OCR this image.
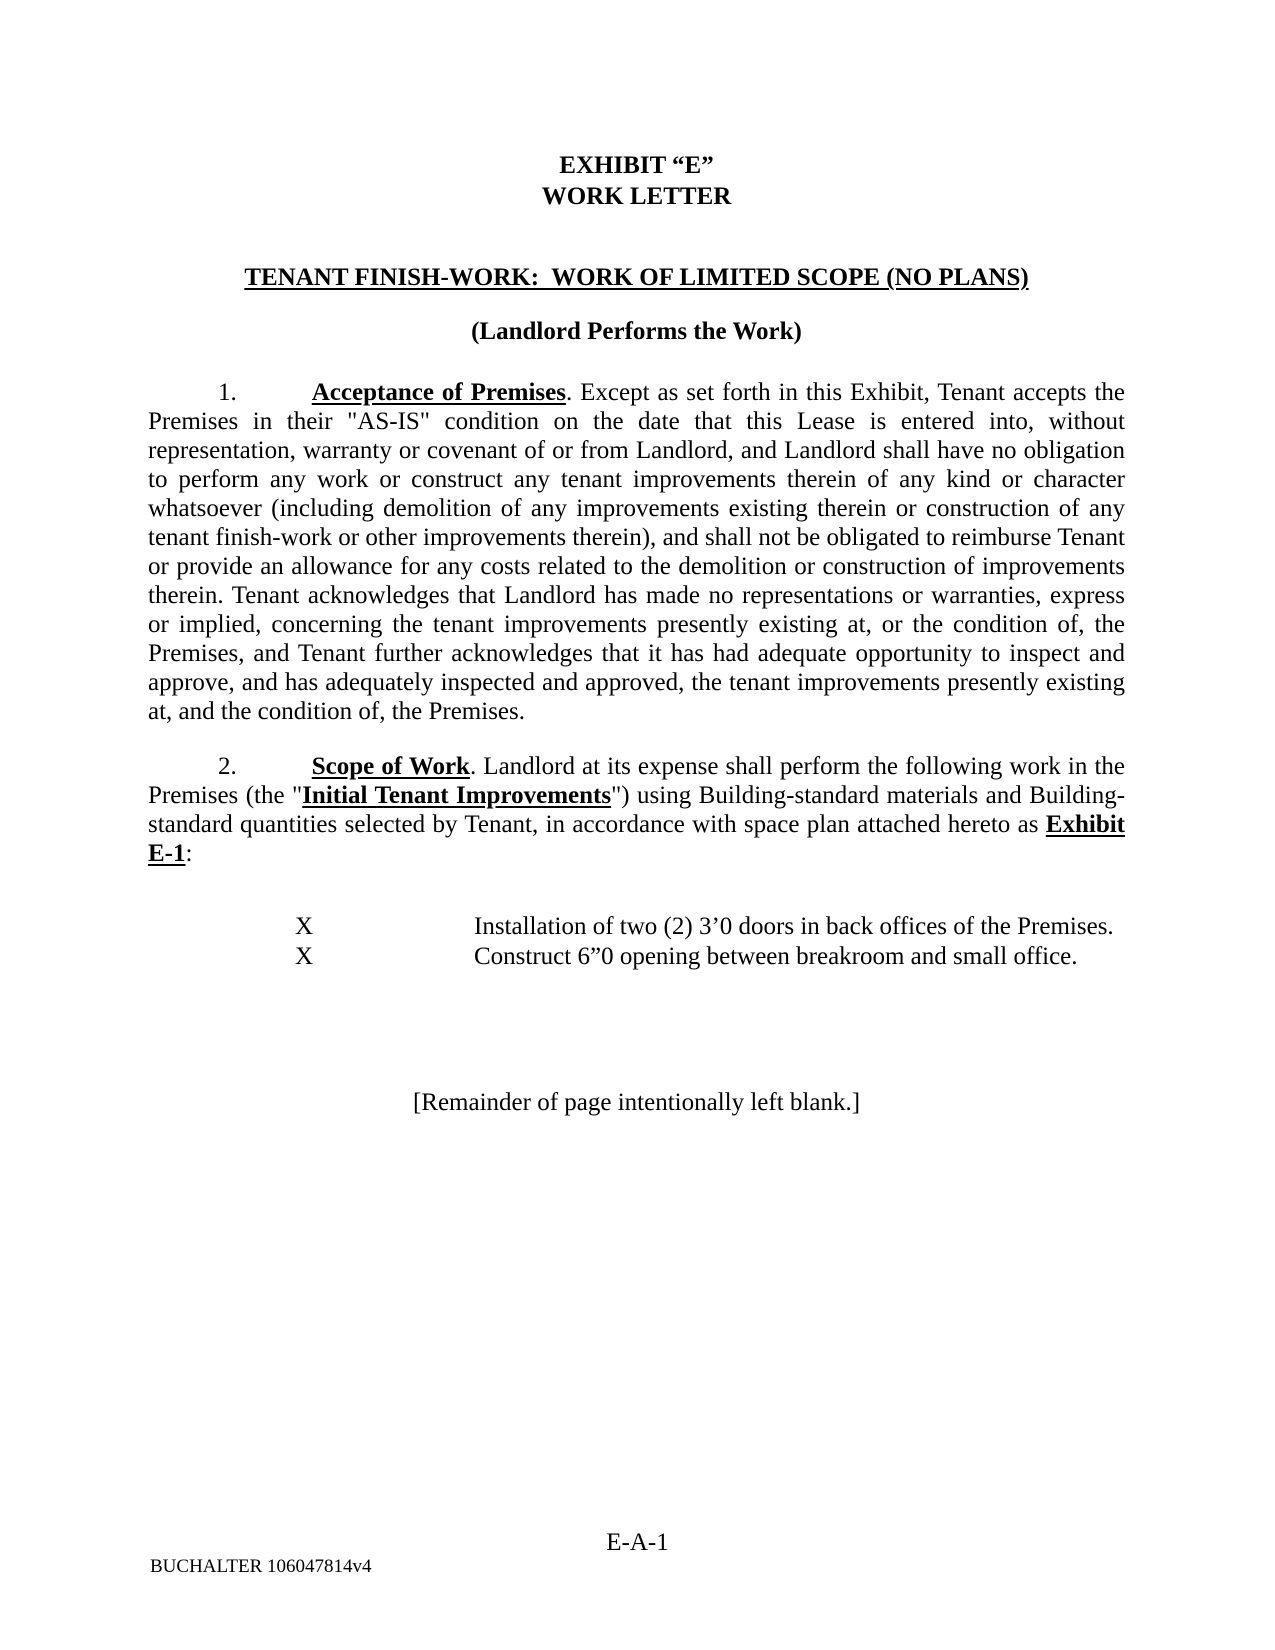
EXHIBIT “E”
WORK LETTER
TENANT FINISH-WORK:  WORK OF LIMITED SCOPE (NO PLANS)
(Landlord Performs the Work)

1.	Acceptance of Premises. Except as set forth in this Exhibit, Tenant accepts the Premises in their "AS-IS" condition on the date that this Lease is entered into, without representation, warranty or covenant of or from Landlord, and Landlord shall have no obligation to perform any work or construct any tenant improvements therein of any kind or character whatsoever (including demolition of any improvements existing therein or construction of any tenant finish-work or other improvements therein), and shall not be obligated to reimburse Tenant or provide an allowance for any costs related to the demolition or construction of improvements therein. Tenant acknowledges that Landlord has made no representations or warranties, express or implied, concerning the tenant improvements presently existing at, or the condition of, the Premises, and Tenant further acknowledges that it has had adequate opportunity to inspect and approve, and has adequately inspected and approved, the tenant improvements presently existing at, and the condition of, the Premises.

2.	Scope of Work. Landlord at its expense shall perform the following work in the Premises (the "Initial Tenant Improvements") using Building-standard materials and Building-standard quantities selected by Tenant, in accordance with space plan attached hereto as Exhibit E-1:

X	Installation of two (2) 3’0 doors in back offices of the Premises.
X	Construct 6”0 opening between breakroom and small office.
[Remainder of page intentionally left blank.]
E-A-1
BUCHALTER 106047814v4
